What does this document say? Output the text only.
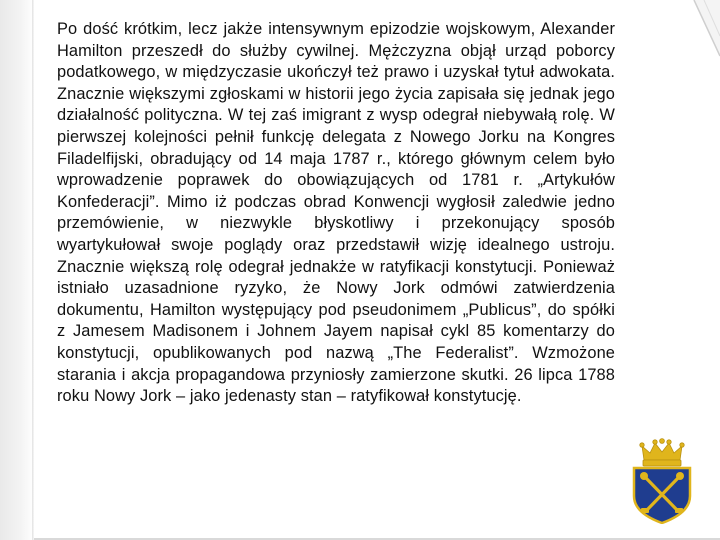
Po dość krótkim, lecz jakże intensywnym epizodzie wojskowym, Alexander Hamilton przeszedł do służby cywilnej. Mężczyzna objął urząd poborcy podatkowego, w międzyczasie ukończył też prawo i uzyskał tytuł adwokata. Znacznie większymi zgłoskami w historii jego życia zapisała się jednak jego działalność polityczna. W tej zaś imigrant z wysp odegrał niebywałą rolę. W pierwszej kolejności pełnił funkcję delegata z Nowego Jorku na Kongres Filadelfijski, obradujący od 14 maja 1787 r., którego głównym celem było wprowadzenie poprawek do obowiązujących od 1781 r. „Artykułów Konfederacji”. Mimo iż podczas obrad Konwencji wygłosił zaledwie jedno przemówienie, w niezwykle błyskotliwy i przekonujący sposób wyartykułował swoje poglądy oraz przedstawił wizję idealnego ustroju. Znacznie większą rolę odegrał jednakże w ratyfikacji konstytucji. Ponieważ istniało uzasadnione ryzyko, że Nowy Jork odmówi zatwierdzenia dokumentu, Hamilton występujący pod pseudonimem „Publicus”, do spółki z Jamesem Madisonem i Johnem Jayem napisał cykl 85 komentarzy do konstytucji, opublikowanych pod nazwą „The Federalist”. Wzmożone starania i akcja propagandowa przyniosły zamierzone skutki. 26 lipca 1788 roku Nowy Jork – jako jedenasty stan – ratyfikował konstytucję.
